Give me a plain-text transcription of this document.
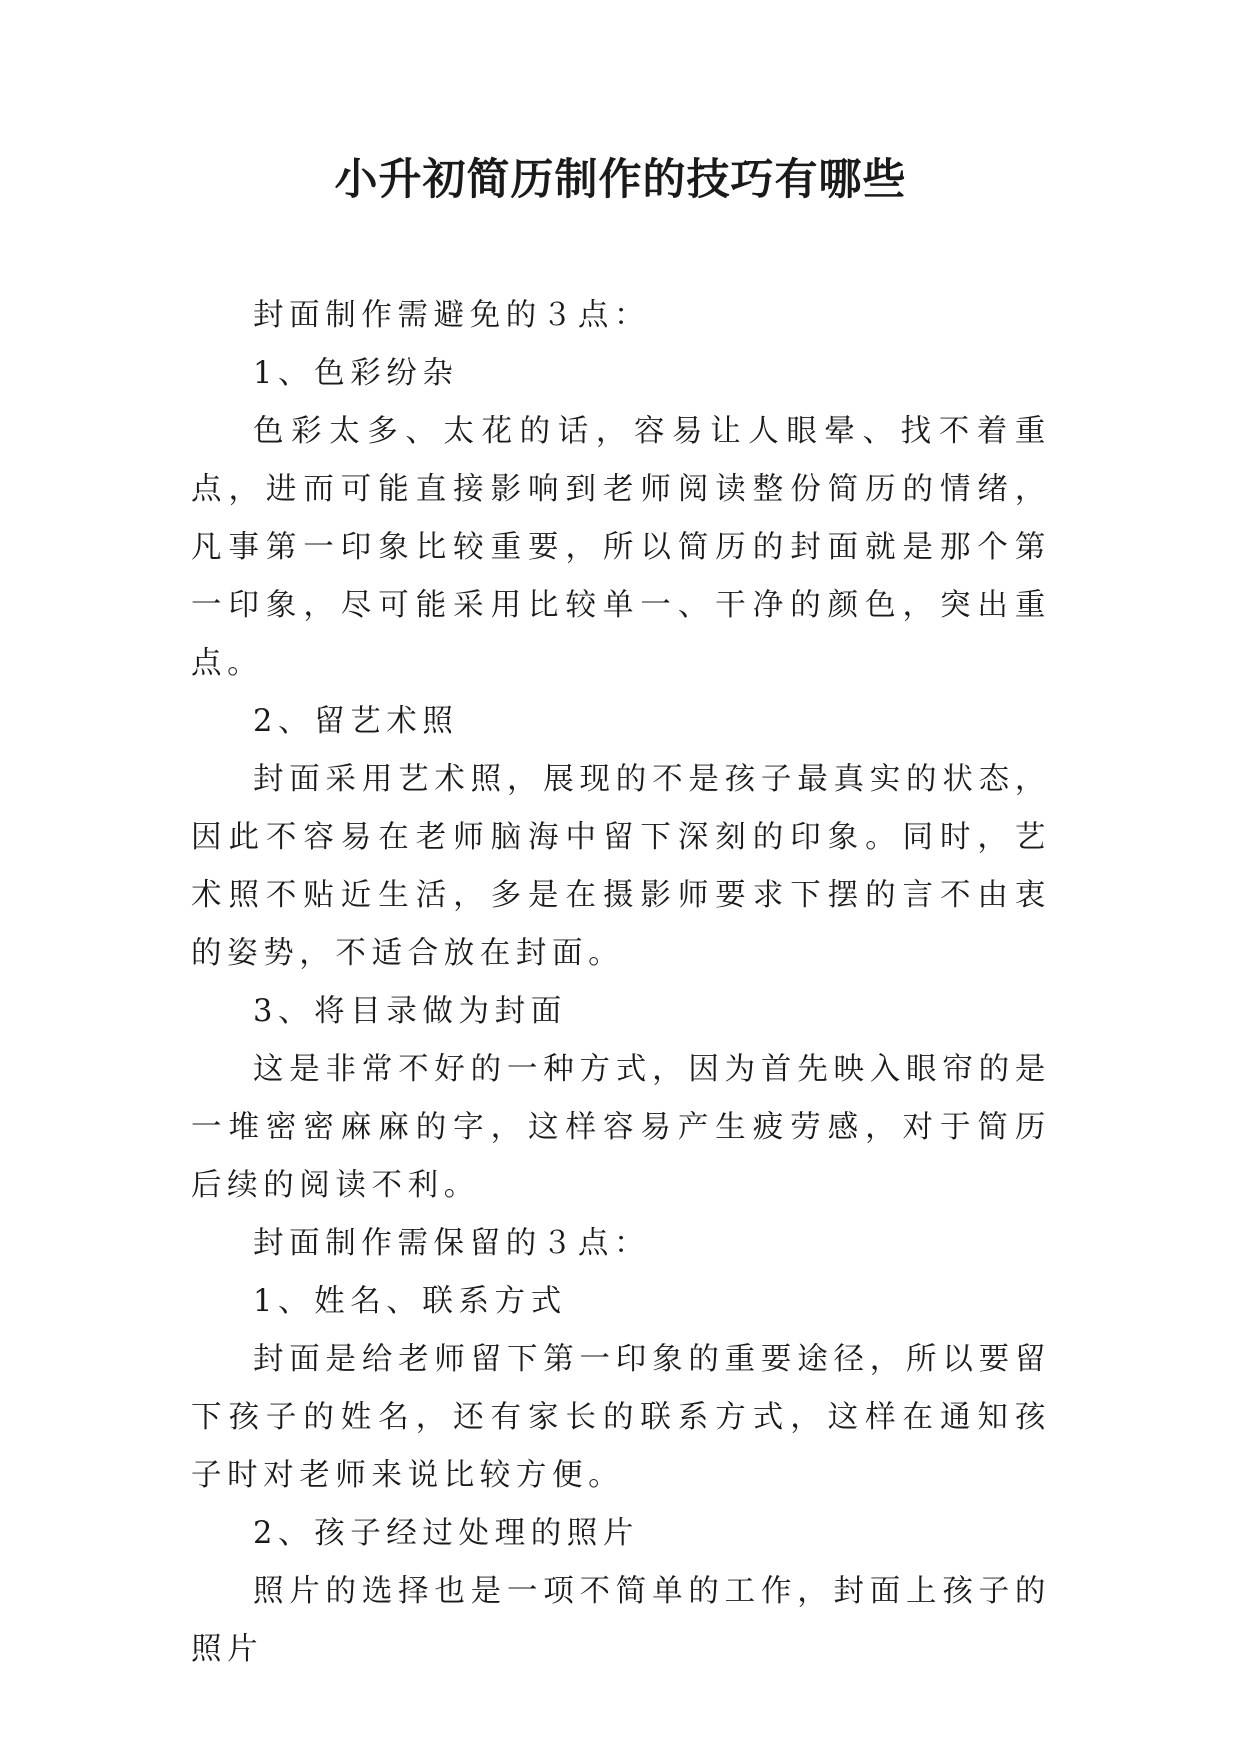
小升初简历制作的技巧有哪些

封面制作需避免的３点：

1、色彩纷杂

色彩太多、太花的话，容易让人眼晕、找不着重点，进而可能直接影响到老师阅读整份简历的情绪，凡事第一印象比较重要，所以简历的封面就是那个第一印象，尽可能采用比较单一、干净的颜色，突出重点。

2、留艺术照

封面采用艺术照，展现的不是孩子最真实的状态，因此不容易在老师脑海中留下深刻的印象。同时，艺术照不贴近生活，多是在摄影师要求下摆的言不由衷的姿势，不适合放在封面。

3、将目录做为封面

这是非常不好的一种方式，因为首先映入眼帘的是一堆密密麻麻的字，这样容易产生疲劳感，对于简历后续的阅读不利。

封面制作需保留的３点：

1、姓名、联系方式

封面是给老师留下第一印象的重要途径，所以要留下孩子的姓名，还有家长的联系方式，这样在通知孩子时对老师来说比较方便。

2、孩子经过处理的照片

照片的选择也是一项不简单的工作，封面上孩子的照片
